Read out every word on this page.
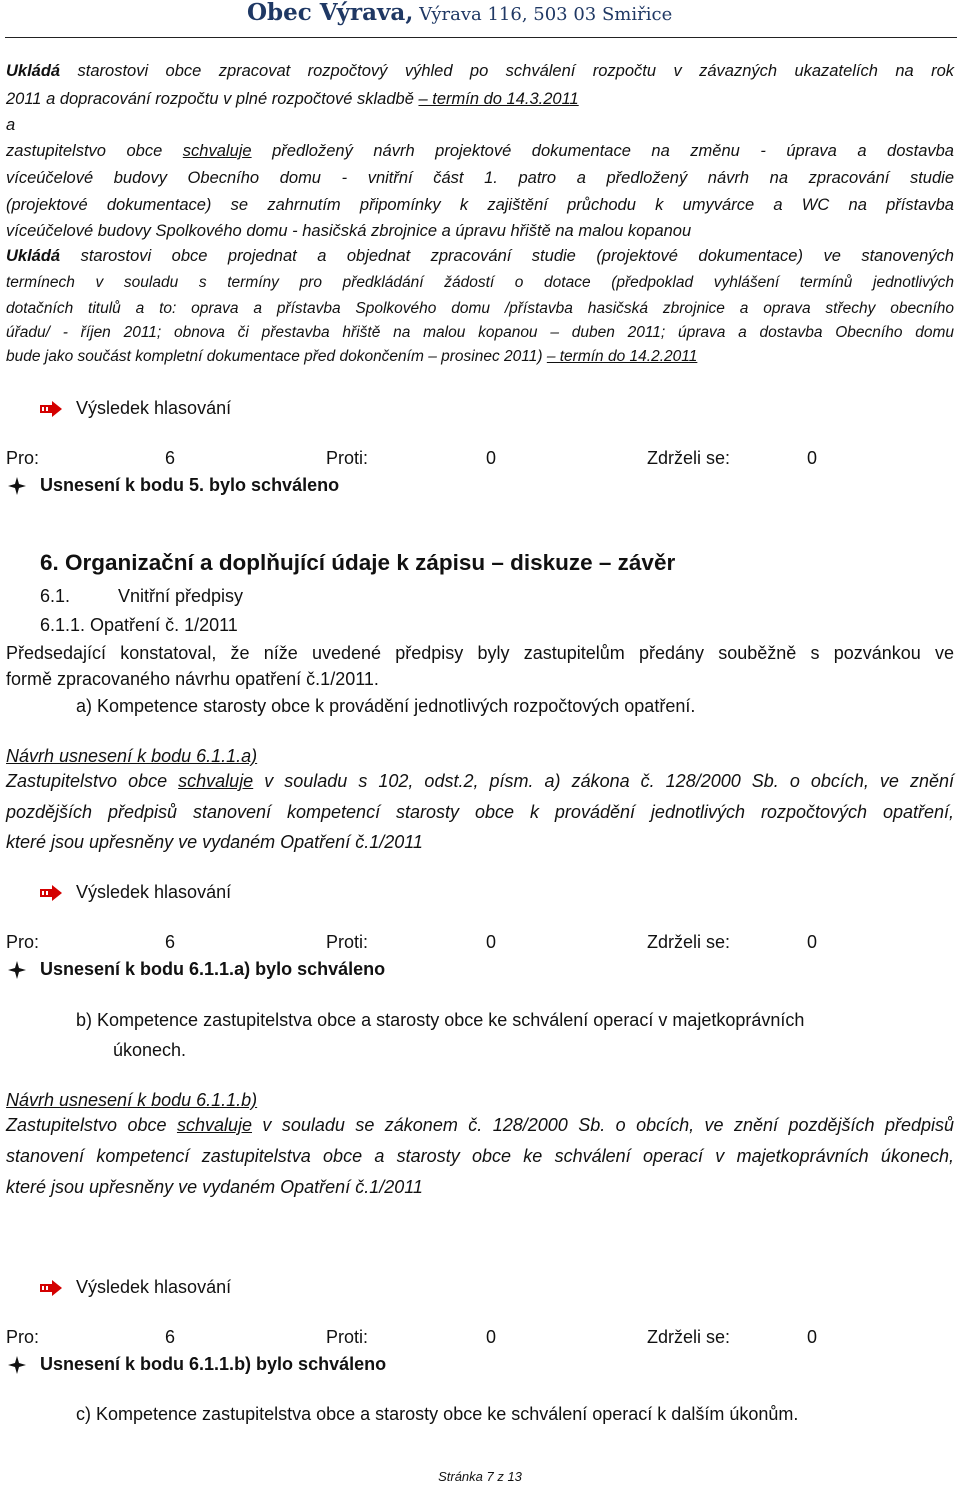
Obec Výrava, Výrava 116, 503 03 Smiřice
Ukládá starostovi obce zpracovat rozpočtový výhled po schválení rozpočtu v závazných ukazatelích na rok
2011 a dopracování rozpočtu v plné rozpočtové skladbě – termín do 14.3.2011
a
zastupitelstvo obce schvaluje předložený návrh projektové dokumentace na změnu - úprava a dostavba
víceúčelové budovy Obecního domu - vnitřní část 1. patro a předložený návrh na zpracování studie
(projektové dokumentace) se zahrnutím připomínky k zajištění průchodu k umyvárce a WC na přístavba
víceúčelové budovy Spolkového domu - hasičská zbrojnice a úpravu hřiště na malou kopanou
Ukládá starostovi obce projednat a objednat zpracování studie (projektové dokumentace) ve stanovených
termínech v souladu s termíny pro předkládání žádostí o dotace (předpoklad vyhlášení termínů jednotlivých
dotačních titulů a to: oprava a přístavba Spolkového domu /přístavba hasičská zbrojnice a oprava střechy obecního
úřadu/ - říjen 2011; obnova či přestavba hřiště na malou kopanou – duben 2011; úprava a dostavba Obecního domu
bude jako součást kompletní dokumentace před dokončením – prosinec 2011) – termín do 14.2.2011
Výsledek hlasování
Pro:	6	Proti:	0	Zdrželi se:	0
Usnesení k bodu 5. bylo schváleno
6. Organizační a doplňující údaje k zápisu – diskuze – závěr
6.1.	Vnitřní předpisy
6.1.1. Opatření č. 1/2011
Předsedající konstatoval, že níže uvedené předpisy byly zastupitelům předány souběžně s pozvánkou ve
formě zpracovaného návrhu opatření č.1/2011.
a) Kompetence starosty obce k provádění jednotlivých rozpočtových opatření.
Návrh usnesení k bodu 6.1.1.a)
Zastupitelstvo obce schvaluje v souladu s 102, odst.2, písm. a) zákona č. 128/2000 Sb. o obcích, ve znění
pozdějších předpisů stanovení kompetencí starosty obce k provádění jednotlivých rozpočtových opatření,
které jsou upřesněny ve vydaném Opatření č.1/2011
Výsledek hlasování
Pro:	6	Proti:	0	Zdrželi se:	0
Usnesení k bodu 6.1.1.a) bylo schváleno
b) Kompetence zastupitelstva obce a starosty obce ke schválení operací v majetkoprávních
úkonech.
Návrh usnesení k bodu 6.1.1.b)
Zastupitelstvo obce schvaluje v souladu se zákonem č. 128/2000 Sb. o obcích, ve znění pozdějších předpisů
stanovení kompetencí zastupitelstva obce a starosty obce ke schválení operací v majetkoprávních úkonech,
které jsou upřesněny ve vydaném Opatření č.1/2011
Výsledek hlasování
Pro:	6	Proti:	0	Zdrželi se:	0
Usnesení k bodu 6.1.1.b) bylo schváleno
c) Kompetence zastupitelstva obce a starosty obce ke schválení operací k dalším úkonům.
Stránka 7 z 13
